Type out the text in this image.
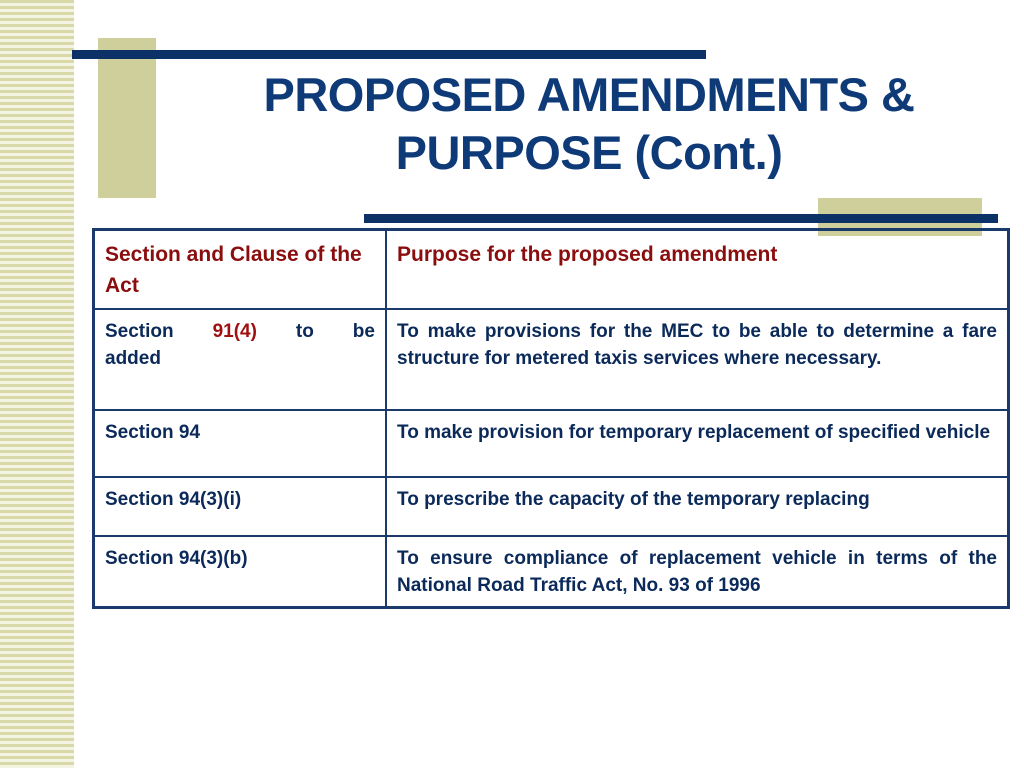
PROPOSED AMENDMENTS &
PURPOSE (Cont.)
Section and Clause of the Act	Purpose for the proposed amendment

Section 91(4) to be
added	To make provisions for the MEC to be able to determine a fare structure for metered taxis services where necessary.
Section 94	To make provision for temporary replacement of specified vehicle
Section 94(3)(i)	To prescribe the capacity of the temporary replacing
Section 94(3)(b)	To ensure compliance of replacement vehicle in terms of the National Road Traffic Act, No. 93 of 1996
